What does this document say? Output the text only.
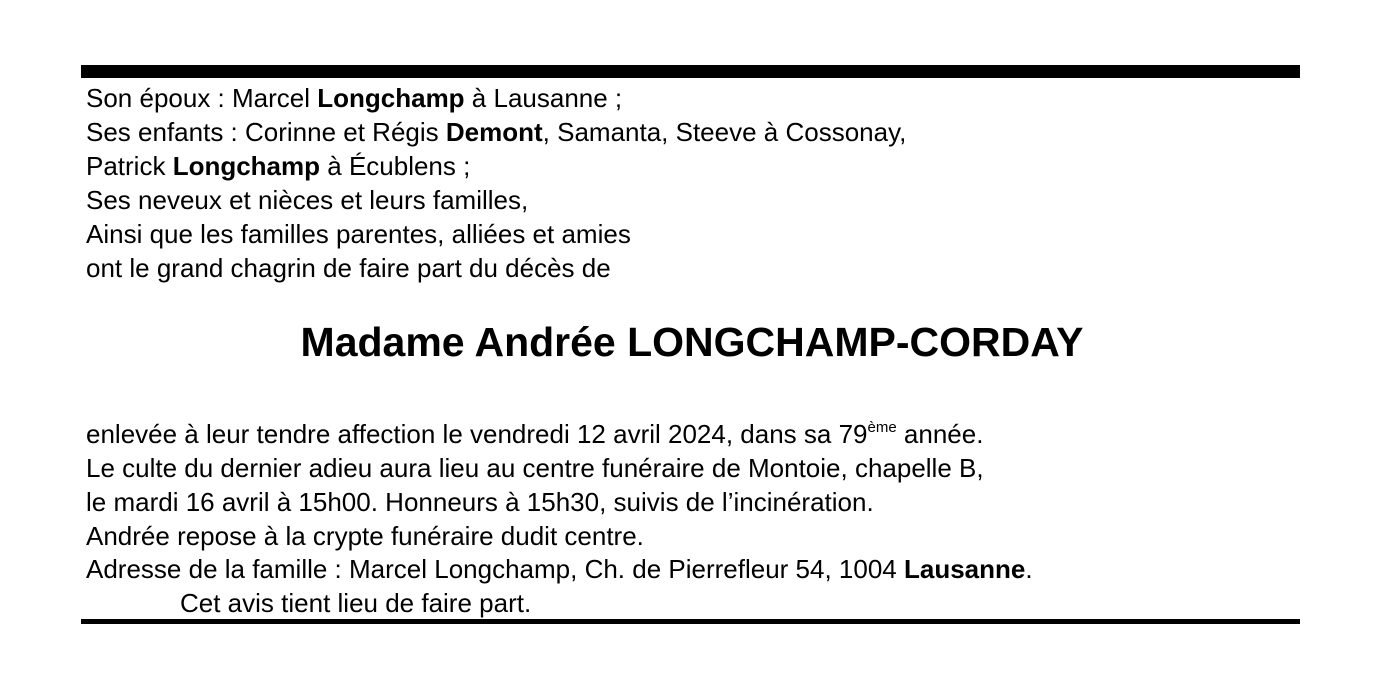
Son époux : Marcel Longchamp à Lausanne ;
Ses enfants : Corinne et Régis Demont, Samanta, Steeve à Cossonay,
Patrick Longchamp à Écublens ;
Ses neveux et nièces et leurs familles,
Ainsi que les familles parentes, alliées et amies
ont le grand chagrin de faire part du décès de
Madame Andrée LONGCHAMP-CORDAY
enlevée à leur tendre affection le vendredi 12 avril 2024, dans sa 79ème année.
Le culte du dernier adieu aura lieu au centre funéraire de Montoie, chapelle B,
le mardi 16 avril à 15h00. Honneurs à 15h30, suivis de l’incinération.
Andrée repose à la crypte funéraire dudit centre.
Adresse de la famille : Marcel Longchamp, Ch. de Pierrefleur 54, 1004 Lausanne.
Cet avis tient lieu de faire part.
